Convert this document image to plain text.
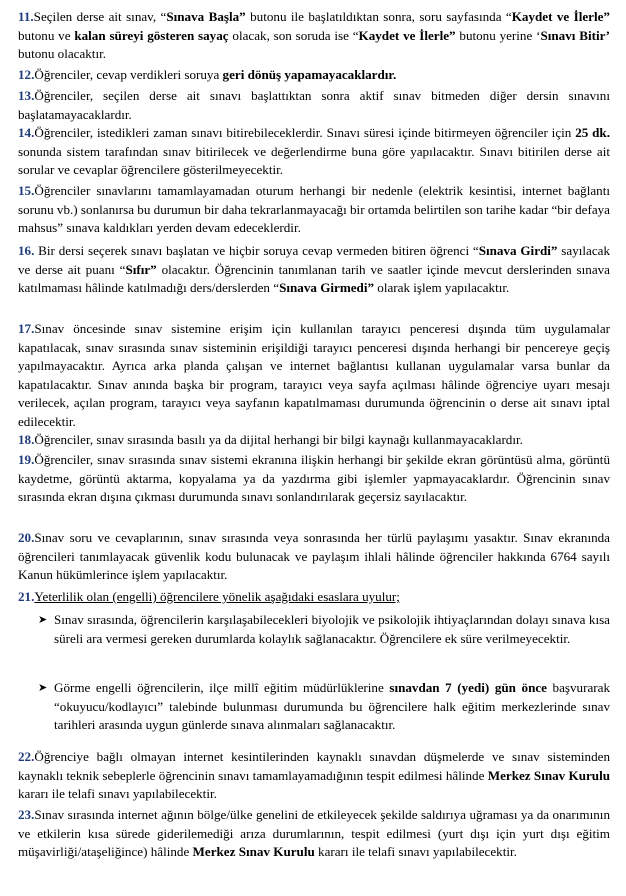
11.Seçilen derse ait sınav, “Sınava Başla” butonu ile başlatıldıktan sonra, soru sayfasında “Kaydet ve İlerle” butonu ve kalan süreyi gösteren sayaç olacak, son soruda ise “Kaydet ve İlerle” butonu yerine ‘Sınavı Bitir’ butonu olacaktır.
12.Öğrenciler, cevap verdikleri soruya geri dönüş yapamayacaklardır.
13.Öğrenciler, seçilen derse ait sınavı başlattıktan sonra aktif sınav bitmeden diğer dersin sınavını başlatamayacaklardır.
14.Öğrenciler, istedikleri zaman sınavı bitirebileceklerdir. Sınavı süresi içinde bitirmeyen öğrenciler için 25 dk. sonunda sistem tarafından sınav bitirilecek ve değerlendirme buna göre yapılacaktır. Sınavı bitirilen derse ait sorular ve cevaplar öğrencilere gösterilmeyecektir.
15.Öğrenciler sınavlarını tamamlayamadan oturum herhangi bir nedenle (elektrik kesintisi, internet bağlantı sorunu vb.) sonlanırsa bu durumun bir daha tekrarlanmayacağı bir ortamda belirtilen son tarihe kadar “bir defaya mahsus” sınava kaldıkları yerden devam edeceklerdir.
16. Bir dersi seçerek sınavı başlatan ve hiçbir soruya cevap vermeden bitiren öğrenci “Sınava Girdi” sayılacak ve derse ait puanı “Sıfır” olacaktır. Öğrencinin tanımlanan tarih ve saatler içinde mevcut derslerinden sınava katılmaması hâlinde katılmadığı ders/derslerden “Sınava Girmedi” olarak işlem yapılacaktır.
17.Sınav öncesinde sınav sistemine erişim için kullanılan tarayıcı penceresi dışında tüm uygulamalar kapatılacak, sınav sırasında sınav sisteminin erişildiği tarayıcı penceresi dışında herhangi bir pencereye geçiş yapılmayacaktır. Ayrıca arka planda çalışan ve internet bağlantısı kullanan uygulamalar varsa bunlar da kapatılacaktır. Sınav anında başka bir program, tarayıcı veya sayfa açılması hâlinde öğrenciye uyarı mesajı verilecek, açılan program, tarayıcı veya sayfanın kapatılmaması durumunda öğrencinin o derse ait sınavı iptal edilecektir.
18.Öğrenciler, sınav sırasında basılı ya da dijital herhangi bir bilgi kaynağı kullanmayacaklardır.
19.Öğrenciler, sınav sırasında sınav sistemi ekranına ilişkin herhangi bir şekilde ekran görüntüsü alma, görüntü kaydetme, görüntü aktarma, kopyalama ya da yazdırma gibi işlemler yapmayacaklardır. Öğrencinin sınav sırasında ekran dışına çıkması durumunda sınavı sonlandırılarak geçersiz sayılacaktır.
20.Sınav soru ve cevaplarının, sınav sırasında veya sonrasında her türlü paylaşımı yasaktır. Sınav ekranında öğrencileri tanımlayacak güvenlik kodu bulunacak ve paylaşım ihlali hâlinde öğrenciler hakkında 6764 sayılı Kanun hükümlerince işlem yapılacaktır.
21.Yeterlilik olan (engelli) öğrencilere yönelik aşağıdaki esaslara uyulur;
➤ Sınav sırasında, öğrencilerin karşılaşabilecekleri biyolojik ve psikolojik ihtiyaçlarından dolayı sınava kısa süreli ara vermesi gereken durumlarda kolaylık sağlanacaktır. Öğrencilere ek süre verilmeyecektir.
➤ Görme engelli öğrencilerin, ilçe millî eğitim müdürlüklerine sınavdan 7 (yedi) gün önce başvurarak “okuyucu/kodlayıcı” talebinde bulunması durumunda bu öğrencilere halk eğitim merkezlerinde sınav tarihleri arasında uygun günlerde sınava alınmaları sağlanacaktır.
22.Öğrenciye bağlı olmayan internet kesintilerinden kaynaklı sınavdan düşmelerde ve sınav sisteminden kaynaklı teknik sebeplerle öğrencinin sınavı tamamlayamadığının tespit edilmesi hâlinde Merkez Sınav Kurulu kararı ile telafi sınavı yapılabilecektir.
23.Sınav sırasında internet ağının bölge/ülke genelini de etkileyecek şekilde saldırıya uğraması ya da onarımının ve etkilerin kısa sürede giderilemediği arıza durumlarının, tespit edilmesi (yurt dışı için yurt dışı eğitim müşavirliği/ataşeliğince) hâlinde Merkez Sınav Kurulu kararı ile telafi sınavı yapılabilecektir.
